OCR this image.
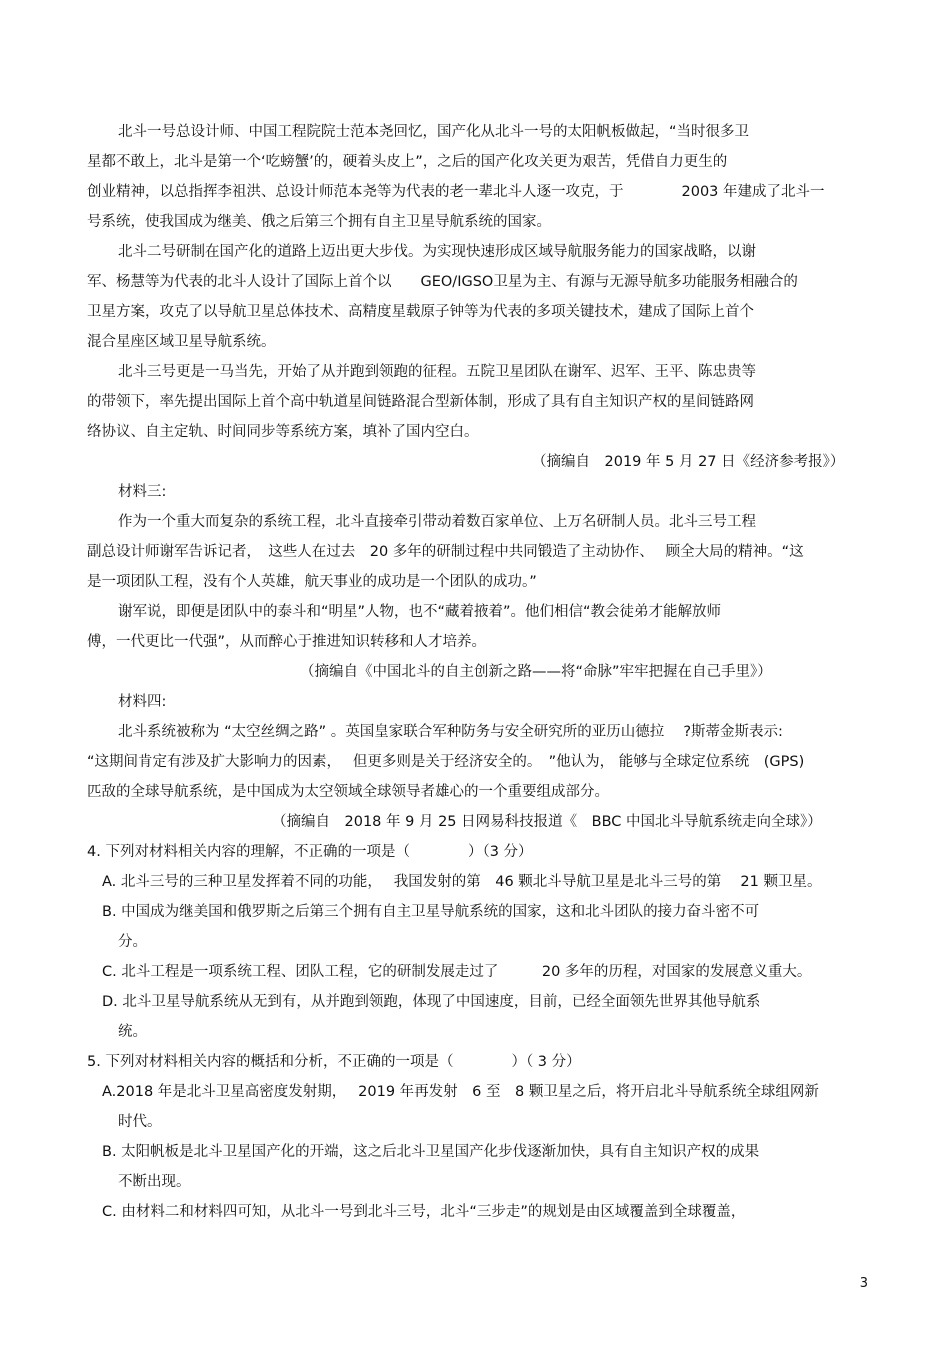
北斗一号总设计师、中国工程院院士范本尧回忆，国产化从北斗一号的太阳帆板做起，“当时很多卫
星都不敢上，北斗是第一个‘吃螃蟹’的，硬着头皮上”，之后的国产化攻关更为艰苦，凭借自力更生的
创业精神，以总指挥李祖洪、总设计师范本尧等为代表的老一辈北斗人逐一攻克，于　　　　2003 年建成了北斗一
号系统，使我国成为继美、俄之后第三个拥有自主卫星导航系统的国家。
北斗二号研制在国产化的道路上迈出更大步伐。为实现快速形成区域导航服务能力的国家战略，以谢
军、杨慧等为代表的北斗人设计了国际上首个以　　GEO/IGSO卫星为主、有源与无源导航多功能服务相融合的
卫星方案，攻克了以导航卫星总体技术、高精度星载原子钟等为代表的多项关键技术，建成了国际上首个
混合星座区域卫星导航系统。
北斗三号更是一马当先，开始了从并跑到领跑的征程。五院卫星团队在谢军、迟军、王平、陈忠贵等
的带领下，率先提出国际上首个高中轨道星间链路混合型新体制，形成了具有自主知识产权的星间链路网
络协议、自主定轨、时间同步等系统方案，填补了国内空白。
（摘编自　2019 年 5 月 27 日《经济参考报》）
材料三:
作为一个重大而复杂的系统工程，北斗直接牵引带动着数百家单位、上万名研制人员。北斗三号工程
副总设计师谢军告诉记者，　这些人在过去　20 多年的研制过程中共同锻造了主动协作、　 顾全大局的精神。“这
是一项团队工程，没有个人英雄，航天事业的成功是一个团队的成功。”
谢军说，即便是团队中的泰斗和“明星”人物，也不“藏着掖着”。他们相信“教会徒弟才能解放师
傅，一代更比一代强”，从而醉心于推进知识转移和人才培养。
（摘编自《中国北斗的自主创新之路——将“命脉”牢牢把握在自己手里》）
材料四:
北斗系统被称为 “太空丝绸之路” 。英国皇家联合军种防务与安全研究所的亚历山德拉　 ?斯蒂金斯表示:
“这期间肯定有涉及扩大影响力的因素，　 但更多则是关于经济安全的。　”他认为， 能够与全球定位系统　(GPS)
匹敌的全球导航系统，是中国成为太空领域全球领导者雄心的一个重要组成部分。
（摘编自　2018 年 9 月 25 日网易科技报道《　BBC 中国北斗导航系统走向全球》）
4. 下列对材料相关内容的理解，不正确的一项是（　　　　）（3 分）
A. 北斗三号的三种卫星发挥着不同的功能，　 我国发射的第　46 颗北斗导航卫星是北斗三号的第　 21 颗卫星。
B. 中国成为继美国和俄罗斯之后第三个拥有自主卫星导航系统的国家，这和北斗团队的接力奋斗密不可
分。
C. 北斗工程是一项系统工程、团队工程，它的研制发展走过了　　　20 多年的历程，对国家的发展意义重大。
D. 北斗卫星导航系统从无到有，从并跑到领跑，体现了中国速度，目前，已经全面领先世界其他导航系
统。
5. 下列对材料相关内容的概括和分析，不正确的一项是（　　　　）（ 3 分）
A.2018 年是北斗卫星高密度发射期，　 2019 年再发射　6 至　8 颗卫星之后，将开启北斗导航系统全球组网新
时代。
B. 太阳帆板是北斗卫星国产化的开端，这之后北斗卫星国产化步伐逐渐加快，具有自主知识产权的成果
不断出现。
C. 由材料二和材料四可知，从北斗一号到北斗三号，北斗“三步走”的规划是由区域覆盖到全球覆盖，
3
